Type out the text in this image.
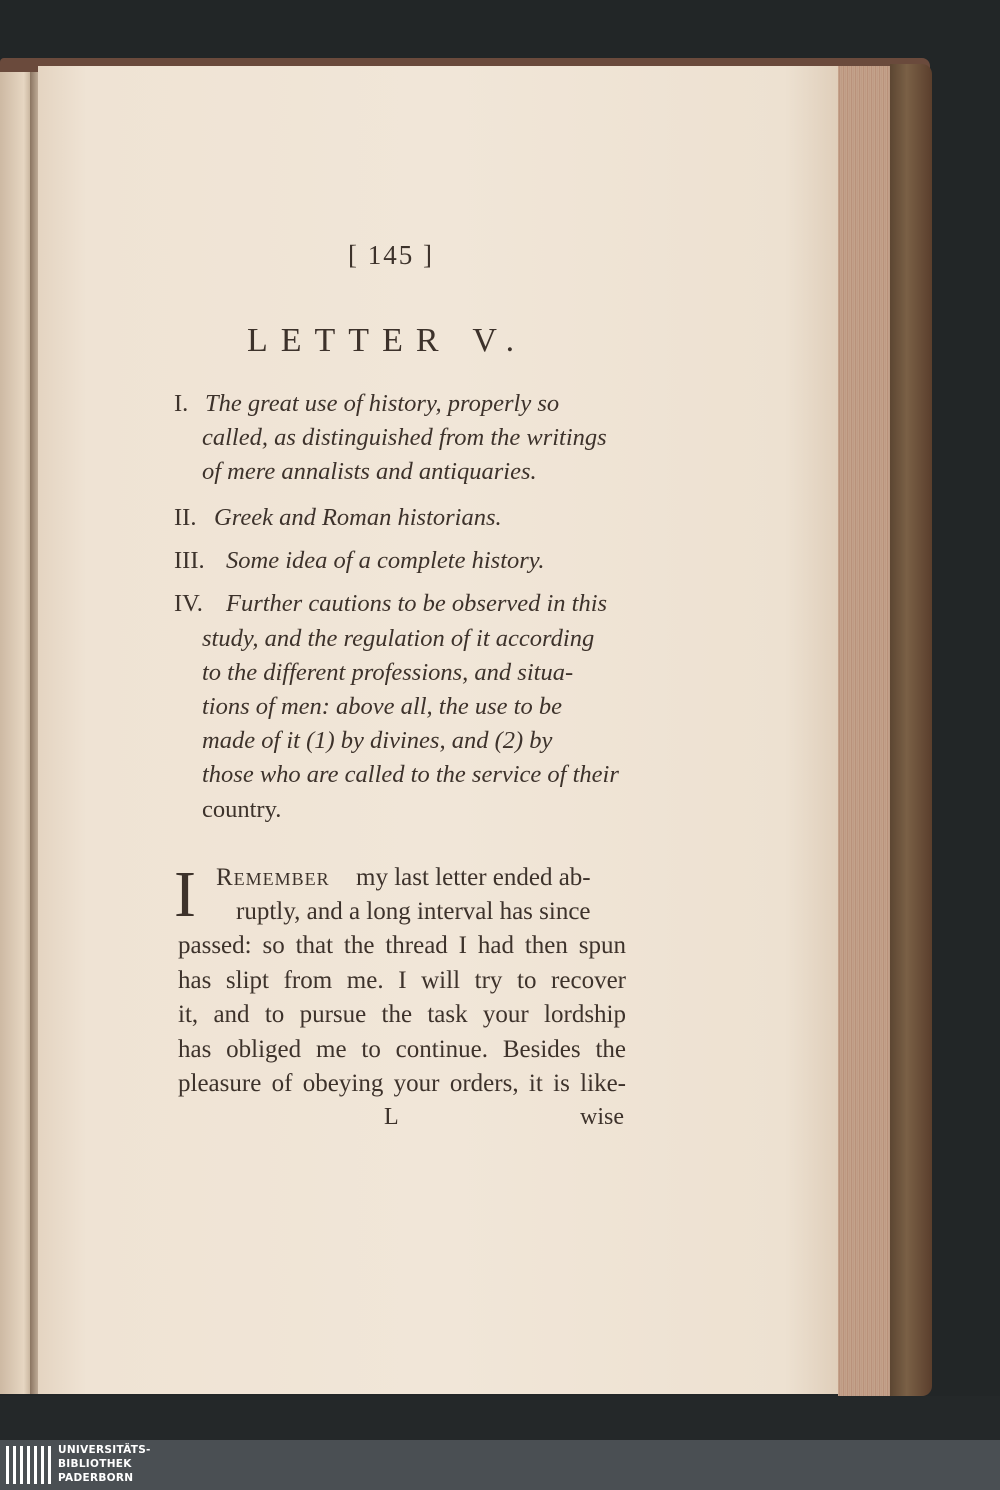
[ 145 ]
LETTER V.
I. The great use of history, properly so
called, as distinguished from the writings
of mere annalists and antiquaries.
II. Greek and Roman historians.
III. Some idea of a complete history.
IV. Further cautions to be observed in this
study, and the regulation of it according
to the different professions, and situa-
tions of men: above all, the use to be
made of it (1) by divines, and (2) by
those who are called to the service of their
country.
I Remember my last letter ended ab-
ruptly, and a long interval has since
passed: so that the thread I had then spun
has slipt from me. I will try to recover
it, and to pursue the task your lordship
has obliged me to continue. Besides the
pleasure of obeying your orders, it is like-
L	wise
UNIVERSITÄTS-
BIBLIOTHEK
PADERBORN
